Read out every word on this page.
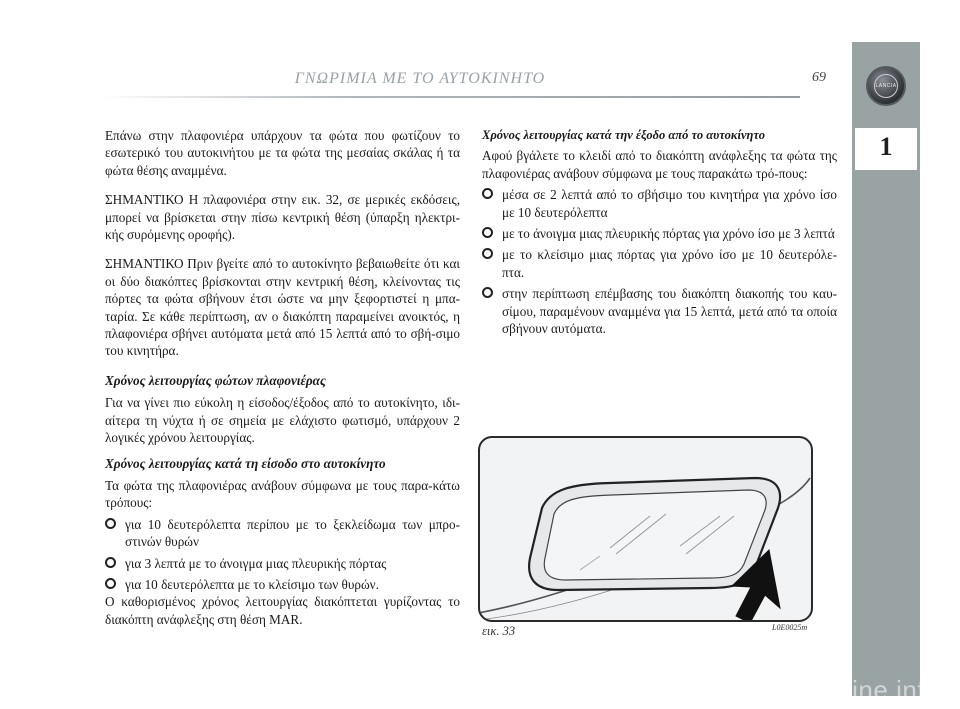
ΓΝΩΡΙΜΙΑ ΜΕ ΤΟ ΑΥΤΟΚΙΝΗΤΟ	69
LANCIA
1

Επάνω στην πλαφονιέρα υπάρχουν τα φώτα που φωτίζουν το εσωτερικό του αυτοκινήτου με τα φώτα της μεσαίας σκάλας ή τα φώτα θέσης αναμμένα.

ΣΗΜΑΝΤΙΚΟ Η πλαφονιέρα στην εικ. 32, σε μερικές εκδόσεις, μπορεί να βρίσκεται στην πίσω κεντρική θέση (ύπαρξη ηλεκτρι-κής συρόμενης οροφής).

ΣΗΜΑΝΤΙΚΟ Πριν βγείτε από το αυτοκίνητο βεβαιωθείτε ότι και οι δύο διακόπτες βρίσκονται στην κεντρική θέση, κλείνοντας τις πόρτες τα φώτα σβήνουν έτσι ώστε να μην ξεφορτιστεί η μπα-ταρία. Σε κάθε περίπτωση, αν ο διακόπτη παραμείνει ανοικτός, η πλαφονιέρα σβήνει αυτόματα μετά από 15 λεπτά από το σβή-σιμο του κινητήρα.

Χρόνος λειτουργίας φώτων πλαφονιέρας

Για να γίνει πιο εύκολη η είσοδος/έξοδος από το αυτοκίνητο, ιδι-αίτερα τη νύχτα ή σε σημεία με ελάχιστο φωτισμό, υπάρχουν 2 λογικές χρόνου λειτουργίας.

Χρόνος λειτουργίας κατά τη είσοδο στο αυτοκίνητο

Τα φώτα της πλαφονιέρας ανάβουν σύμφωνα με τους παρα-κάτω τρόπους:

για 10 δευτερόλεπτα περίπου με το ξεκλείδωμα των μπρο-στινών θυρών
για 3 λεπτά με το άνοιγμα μιας πλευρικής πόρτας
για 10 δευτερόλεπτα με το κλείσιμο των θυρών.

Ο καθορισμένος χρόνος λειτουργίας διακόπτεται γυρίζοντας το διακόπτη ανάφλεξης στη θέση MAR.

Χρόνος λειτουργίας κατά την έξοδο από το αυτοκίνητο

Αφού βγάλετε το κλειδί από το διακόπτη ανάφλεξης τα φώτα της πλαφονιέρας ανάβουν σύμφωνα με τους παρακάτω τρό-πους:

μέσα σε 2 λεπτά από το σβήσιμο του κινητήρα για χρόνο ίσο με 10 δευτερόλεπτα
με το άνοιγμα μιας πλευρικής πόρτας για χρόνο ίσο με 3 λεπτά
με το κλείσιμο μιας πόρτας για χρόνο ίσο με 10 δευτερόλε-πτα.
στην περίπτωση επέμβασης του διακόπτη διακοπής του καυ-σίμου, παραμένουν αναμμένα για 15 λεπτά, μετά από τα οποία σβήνουν αυτόματα.
εικ. 33	L0E0025m
carmanualsonline.info
